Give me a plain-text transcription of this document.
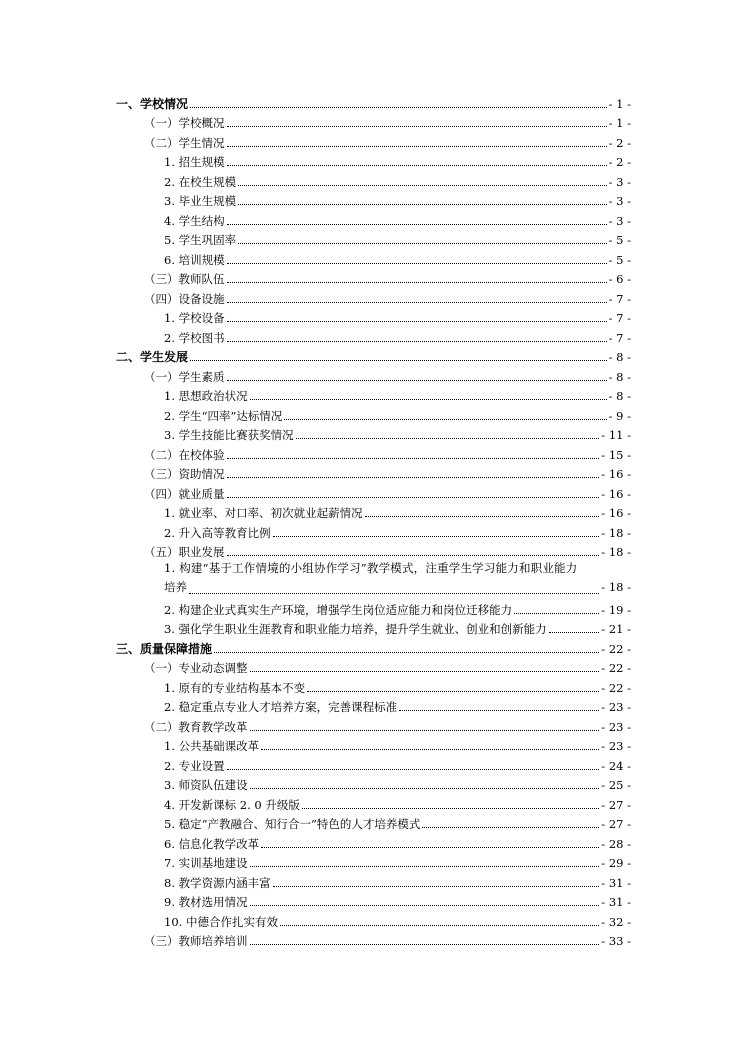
一、学校情况	- 1 -
（一）学校概况	- 1 -
（二）学生情况	- 2 -
1. 招生规模	- 2 -
2. 在校生规模	- 3 -
3. 毕业生规模	- 3 -
4. 学生结构	- 3 -
5. 学生巩固率	- 5 -
6. 培训规模	- 5 -
（三）教师队伍	- 6 -
（四）设备设施	- 7 -
1. 学校设备	- 7 -
2. 学校图书	- 7 -
二、学生发展	- 8 -
（一）学生素质	- 8 -
1. 思想政治状况	- 8 -
2. 学生“四率”达标情况	- 9 -
3. 学生技能比赛获奖情况	- 11 -
（二）在校体验	- 15 -
（三）资助情况	- 16 -
（四）就业质量	- 16 -
1. 就业率、对口率、初次就业起薪情况	- 16 -
2. 升入高等教育比例	- 18 -
（五）职业发展	- 18 -
1. 构建“基于工作情境的小组协作学习”教学模式，注重学生学习能力和职业能力
培养	- 18 -
2. 构建企业式真实生产环境，增强学生岗位适应能力和岗位迁移能力	- 19 -
3. 强化学生职业生涯教育和职业能力培养，提升学生就业、创业和创新能力	- 21 -
三、质量保障措施	- 22 -
（一）专业动态调整	- 22 -
1. 原有的专业结构基本不变	- 22 -
2. 稳定重点专业人才培养方案，完善课程标准	- 23 -
（二）教育教学改革	- 23 -
1. 公共基础课改革	- 23 -
2. 专业设置	- 24 -
3. 师资队伍建设	- 25 -
4. 开发新课标 2. 0 升级版	- 27 -
5. 稳定“产教融合、知行合一”特色的人才培养模式	- 27 -
6. 信息化教学改革	- 28 -
7. 实训基地建设	- 29 -
8. 教学资源内涵丰富	- 31 -
9. 教材选用情况	- 31 -
10. 中德合作扎实有效	- 32 -
（三）教师培养培训	- 33 -
